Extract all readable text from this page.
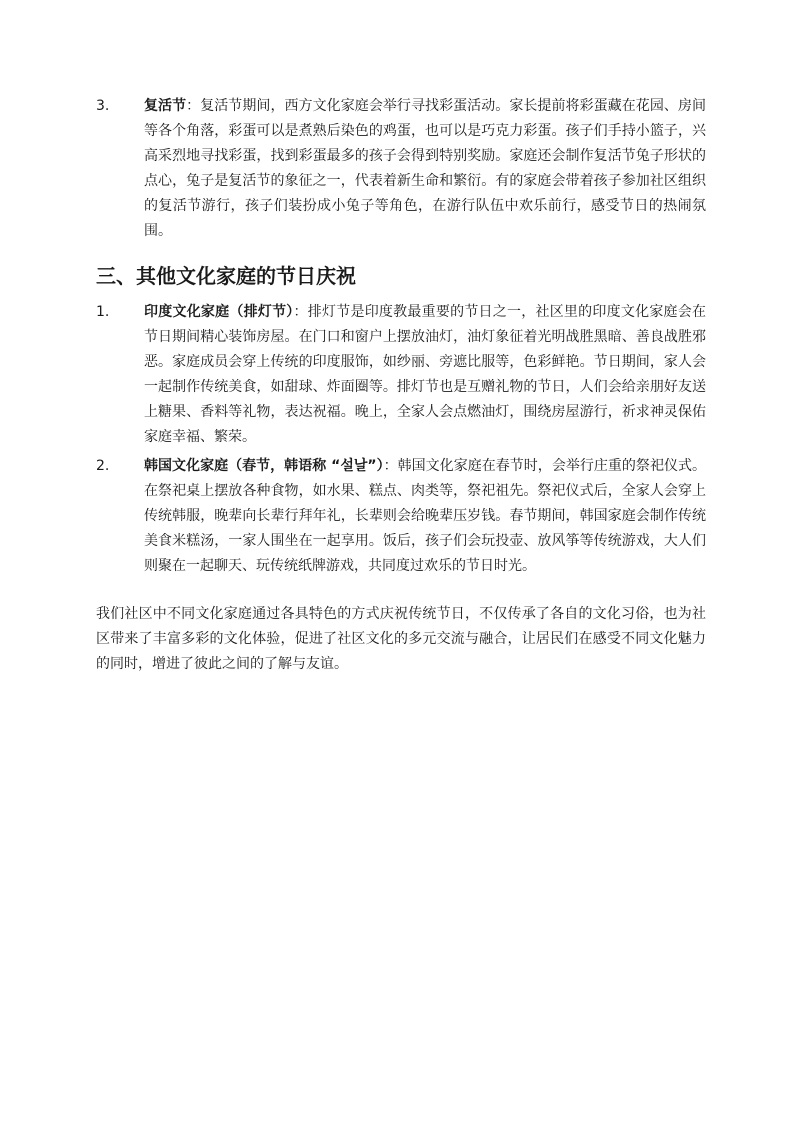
3. 复活节：复活节期间，西方文化家庭会举行寻找彩蛋活动。家长提前将彩蛋藏在花园、房间等各个角落，彩蛋可以是煮熟后染色的鸡蛋，也可以是巧克力彩蛋。孩子们手持小篮子，兴高采烈地寻找彩蛋，找到彩蛋最多的孩子会得到特别奖励。家庭还会制作复活节兔子形状的点心，兔子是复活节的象征之一，代表着新生命和繁衍。有的家庭会带着孩子参加社区组织的复活节游行，孩子们装扮成小兔子等角色，在游行队伍中欢乐前行，感受节日的热闹氛围。
三、其他文化家庭的节日庆祝
1. 印度文化家庭（排灯节）：排灯节是印度教最重要的节日之一，社区里的印度文化家庭会在节日期间精心装饰房屋。在门口和窗户上摆放油灯，油灯象征着光明战胜黑暗、善良战胜邪恶。家庭成员会穿上传统的印度服饰，如纱丽、旁遮比服等，色彩鲜艳。节日期间，家人会一起制作传统美食，如甜球、炸面圈等。排灯节也是互赠礼物的节日，人们会给亲朋好友送上糖果、香料等礼物，表达祝福。晚上，全家人会点燃油灯，围绕房屋游行，祈求神灵保佑家庭幸福、繁荣。
2. 韩国文化家庭（春节，韩语称 “설날”）：韩国文化家庭在春节时，会举行庄重的祭祀仪式。在祭祀桌上摆放各种食物，如水果、糕点、肉类等，祭祀祖先。祭祀仪式后，全家人会穿上传统韩服，晚辈向长辈行拜年礼，长辈则会给晚辈压岁钱。春节期间，韩国家庭会制作传统美食米糕汤，一家人围坐在一起享用。饭后，孩子们会玩投壶、放风筝等传统游戏，大人们则聚在一起聊天、玩传统纸牌游戏，共同度过欢乐的节日时光。

我们社区中不同文化家庭通过各具特色的方式庆祝传统节日，不仅传承了各自的文化习俗，也为社区带来了丰富多彩的文化体验，促进了社区文化的多元交流与融合，让居民们在感受不同文化魅力的同时，增进了彼此之间的了解与友谊。
